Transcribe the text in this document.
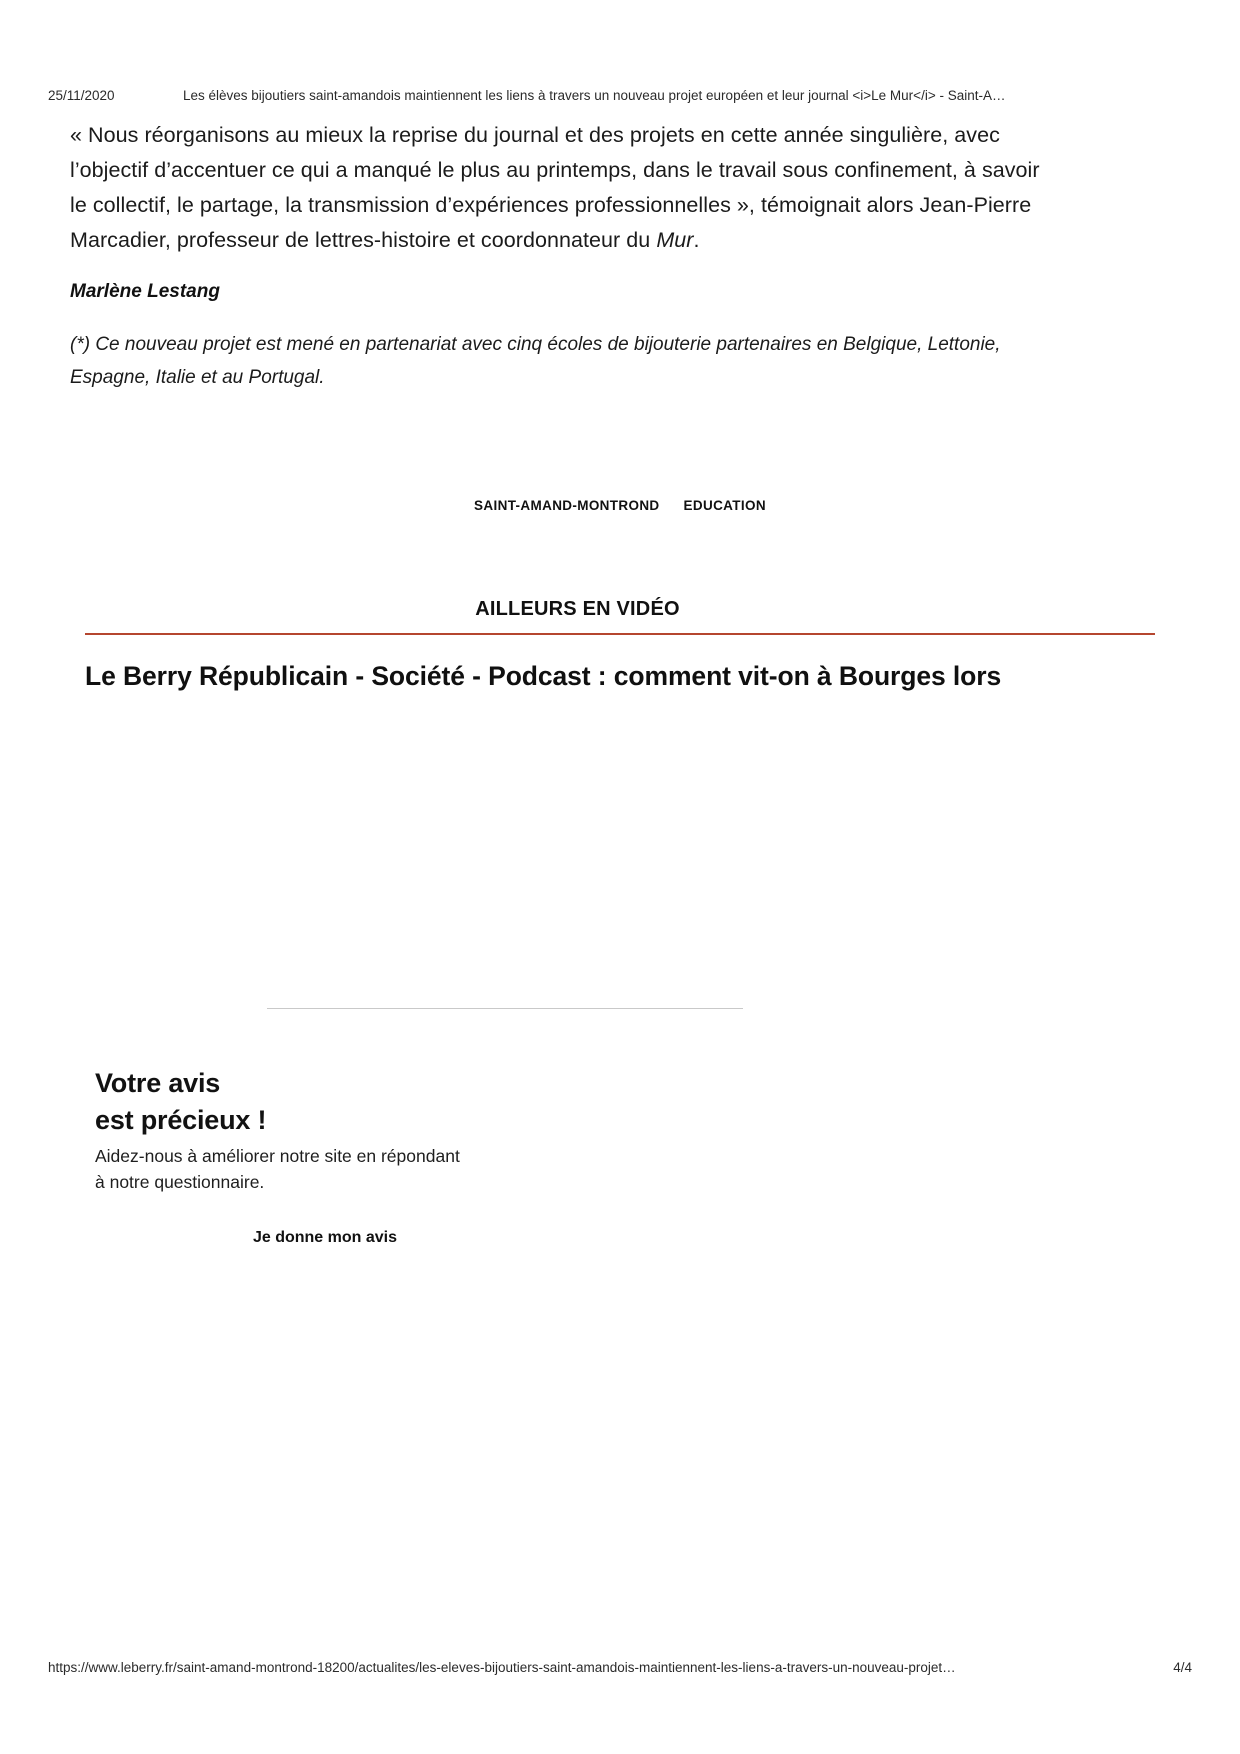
25/11/2020	Les élèves bijoutiers saint-amandois maintiennent les liens à travers un nouveau projet européen et leur journal <i>Le Mur</i> - Saint-A…

« Nous réorganisons au mieux la reprise du journal et des projets en cette année singulière, avec l’objectif d’accentuer ce qui a manqué le plus au printemps, dans le travail sous confinement, à savoir le collectif, le partage, la transmission d’expériences professionnelles », témoignait alors Jean-Pierre Marcadier, professeur de lettres-histoire et coordonnateur du Mur.

Marlène Lestang

(*) Ce nouveau projet est mené en partenariat avec cinq écoles de bijouterie partenaires en Belgique, Lettonie, Espagne, Italie et au Portugal.

SAINT-AMAND-MONTROND EDUCATION
AILLEURS EN VIDÉO
Le Berry Républicain - Société - Podcast : comment vit-on à Bourges lors
Votre avis
est précieux !
Aidez-nous à améliorer notre site en répondant
à notre questionnaire.
Je donne mon avis
https://www.leberry.fr/saint-amand-montrond-18200/actualites/les-eleves-bijoutiers-saint-amandois-maintiennent-les-liens-a-travers-un-nouveau-projet…	4/4
